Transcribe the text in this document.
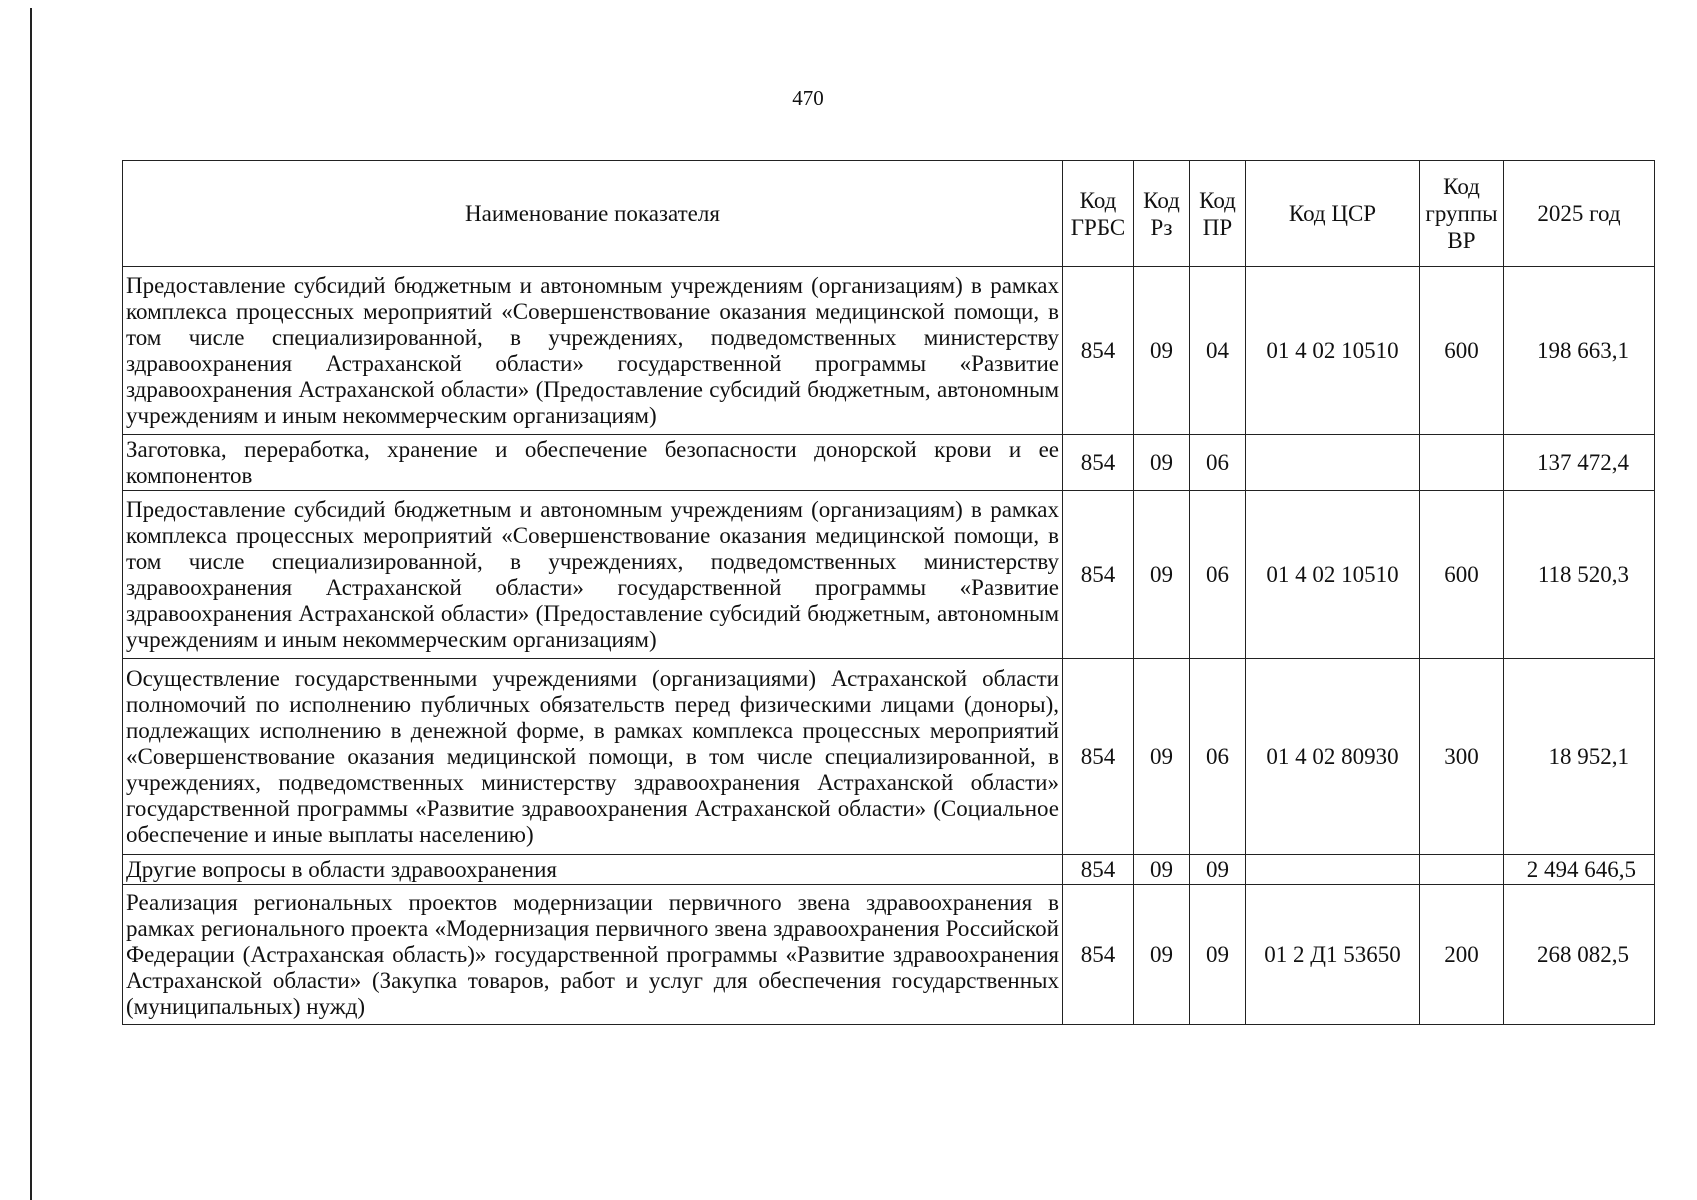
470
Наименование показателя	Код ГРБС	Код Рз	Код ПР	Код ЦСР	Код группы ВР	2025 год
Предоставление субсидий бюджетным и автономным учреждениям (организациям) в рамках комплекса процессных мероприятий «Совершенствование оказания медицинской помощи, в том числе специализированной, в учреждениях, подведомственных министерству здравоохранения Астраханской области» государственной программы «Развитие здравоохранения Астраханской области» (Предоставление субсидий бюджетным, автономным учреждениям и иным некоммерческим организациям)	854	09	04	01 4 02 10510	600	198 663,1
Заготовка, переработка, хранение и обеспечение безопасности донорской крови и ее компонентов	854	09	06			137 472,4
Предоставление субсидий бюджетным и автономным учреждениям (организациям) в рамках комплекса процессных мероприятий «Совершенствование оказания медицинской помощи, в том числе специализированной, в учреждениях, подведомственных министерству здравоохранения Астраханской области» государственной программы «Развитие здравоохранения Астраханской области» (Предоставление субсидий бюджетным, автономным учреждениям и иным некоммерческим организациям)	854	09	06	01 4 02 10510	600	118 520,3
Осуществление государственными учреждениями (организациями) Астраханской области полномочий по исполнению публичных обязательств перед физическими лицами (доноры), подлежащих исполнению в денежной форме, в рамках комплекса процессных мероприятий «Совершенствование оказания медицинской помощи, в том числе специализированной, в учреждениях, подведомственных министерству здравоохранения Астраханской области» государственной программы «Развитие здравоохранения Астраханской области» (Социальное обеспечение и иные выплаты населению)	854	09	06	01 4 02 80930	300	18 952,1
Другие вопросы в области здравоохранения	854	09	09			2 494 646,5
Реализация региональных проектов модернизации первичного звена здравоохранения в рамках регионального проекта «Модернизация первичного звена здравоохранения Российской Федерации (Астраханская область)» государственной программы «Развитие здравоохранения Астраханской области» (Закупка товаров, работ и услуг для обеспечения государственных (муниципальных) нужд)	854	09	09	01 2 Д1 53650	200	268 082,5
